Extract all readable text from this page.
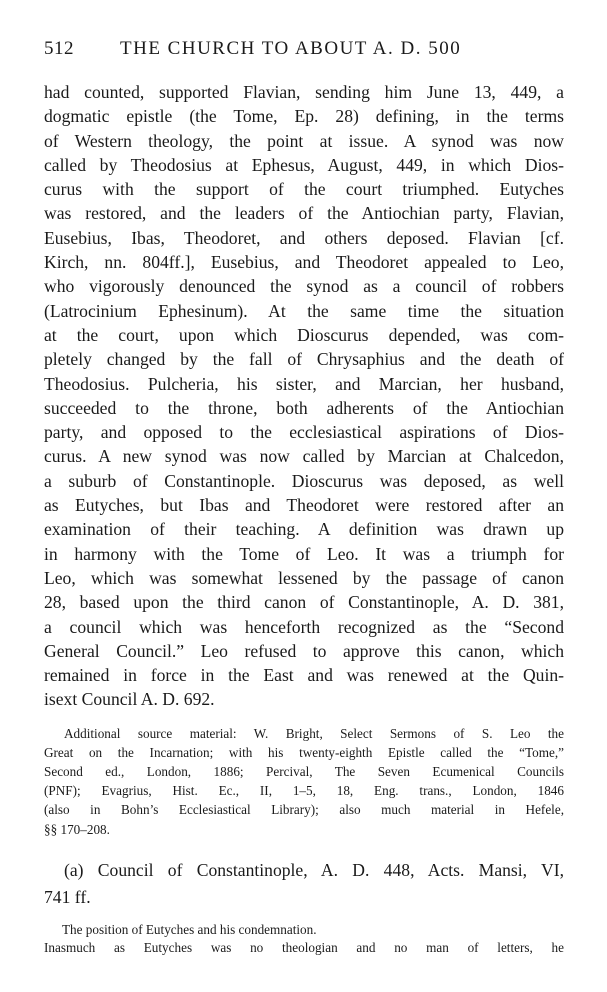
512	THE CHURCH TO ABOUT A. D. 500
had counted, supported Flavian, sending him June 13, 449, a
dogmatic epistle (the Tome, Ep. 28) defining, in the terms
of Western theology, the point at issue. A synod was now
called by Theodosius at Ephesus, August, 449, in which Dios-
curus with the support of the court triumphed. Eutyches
was restored, and the leaders of the Antiochian party, Flavian,
Eusebius, Ibas, Theodoret, and others deposed. Flavian [cf.
Kirch, nn. 804ff.], Eusebius, and Theodoret appealed to Leo,
who vigorously denounced the synod as a council of robbers
(Latrocinium Ephesinum). At the same time the situation
at the court, upon which Dioscurus depended, was com-
pletely changed by the fall of Chrysaphius and the death of
Theodosius. Pulcheria, his sister, and Marcian, her husband,
succeeded to the throne, both adherents of the Antiochian
party, and opposed to the ecclesiastical aspirations of Dios-
curus. A new synod was now called by Marcian at Chalcedon,
a suburb of Constantinople. Dioscurus was deposed, as well
as Eutyches, but Ibas and Theodoret were restored after an
examination of their teaching. A definition was drawn up
in harmony with the Tome of Leo. It was a triumph for
Leo, which was somewhat lessened by the passage of canon
28, based upon the third canon of Constantinople, A. D. 381,
a council which was henceforth recognized as the “Second
General Council.” Leo refused to approve this canon, which
remained in force in the East and was renewed at the Quin-
isext Council A. D. 692.
Additional source material: W. Bright, Select Sermons of S. Leo the
Great on the Incarnation; with his twenty-eighth Epistle called the “Tome,”
Second ed., London, 1886; Percival, The Seven Ecumenical Councils
(PNF); Evagrius, Hist. Ec., II, 1–5, 18, Eng. trans., London, 1846
(also in Bohn’s Ecclesiastical Library); also much material in Hefele,
§§ 170–208.
(a) Council of Constantinople, A. D. 448, Acts. Mansi, VI,
741 ff.
The position of Eutyches and his condemnation.
Inasmuch as Eutyches was no theologian and no man of letters, he
